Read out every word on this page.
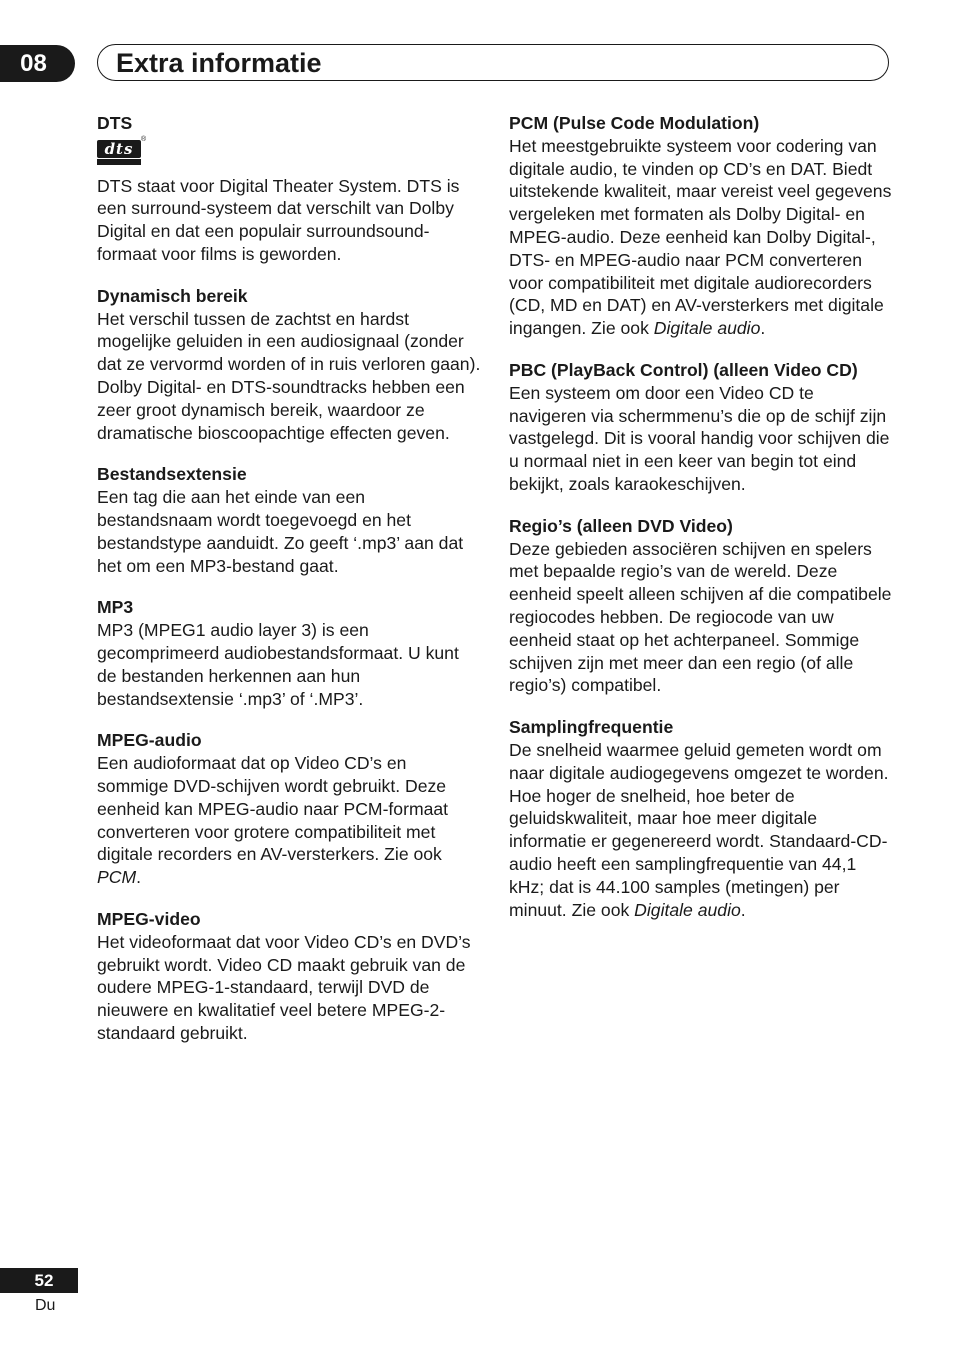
08	Extra informatie
DTS
dts
®

DTS staat voor Digital Theater System. DTS is een surround-systeem dat verschilt van Dolby Digital en dat een populair surroundsound-formaat voor films is geworden.

Dynamisch bereik

Het verschil tussen de zachtst en hardst mogelijke geluiden in een audiosignaal (zonder dat ze vervormd worden of in ruis verloren gaan). Dolby Digital- en DTS-soundtracks hebben een zeer groot dynamisch bereik, waardoor ze dramatische bioscoopachtige effecten geven.

Bestandsextensie

Een tag die aan het einde van een bestandsnaam wordt toegevoegd en het bestandstype aanduidt. Zo geeft ‘.mp3’ aan dat het om een MP3-bestand gaat.

MP3

MP3 (MPEG1 audio layer 3) is een gecomprimeerd audiobestandsformaat. U kunt de bestanden herkennen aan hun bestandsextensie ‘.mp3’ of ‘.MP3’.

MPEG-audio

Een audioformaat dat op Video CD’s en sommige DVD-schijven wordt gebruikt. Deze eenheid kan MPEG-audio naar PCM-formaat converteren voor grotere compatibiliteit met digitale recorders en AV-versterkers. Zie ook PCM.

MPEG-video

Het videoformaat dat voor Video CD’s en DVD’s gebruikt wordt. Video CD maakt gebruik van de oudere MPEG-1-standaard, terwijl DVD de nieuwere en kwalitatief veel betere MPEG-2-standaard gebruikt.

PCM (Pulse Code Modulation)

Het meestgebruikte systeem voor codering van digitale audio, te vinden op CD’s en DAT. Biedt uitstekende kwaliteit, maar vereist veel gegevens vergeleken met formaten als Dolby Digital- en MPEG-audio. Deze eenheid kan Dolby Digital-, DTS- en MPEG-audio naar PCM converteren voor compatibiliteit met digitale audiorecorders (CD, MD en DAT) en AV-versterkers met digitale ingangen. Zie ook Digitale audio.

PBC (PlayBack Control) (alleen Video CD)

Een systeem om door een Video CD te navigeren via schermmenu’s die op de schijf zijn vastgelegd. Dit is vooral handig voor schijven die u normaal niet in een keer van begin tot eind bekijkt, zoals karaokeschijven.

Regio’s (alleen DVD Video)

Deze gebieden associëren schijven en spelers met bepaalde regio’s van de wereld. Deze eenheid speelt alleen schijven af die compatibele regiocodes hebben. De regiocode van uw eenheid staat op het achterpaneel. Sommige schijven zijn met meer dan een regio (of alle regio’s) compatibel.

Samplingfrequentie

De snelheid waarmee geluid gemeten wordt om naar digitale audiogegevens omgezet te worden. Hoe hoger de snelheid, hoe beter de geluidskwaliteit, maar hoe meer digitale informatie er gegenereerd wordt. Standaard-CD-audio heeft een samplingfrequentie van 44,1 kHz; dat is 44.100 samples (metingen) per minuut. Zie ook Digitale audio.

52
Du
